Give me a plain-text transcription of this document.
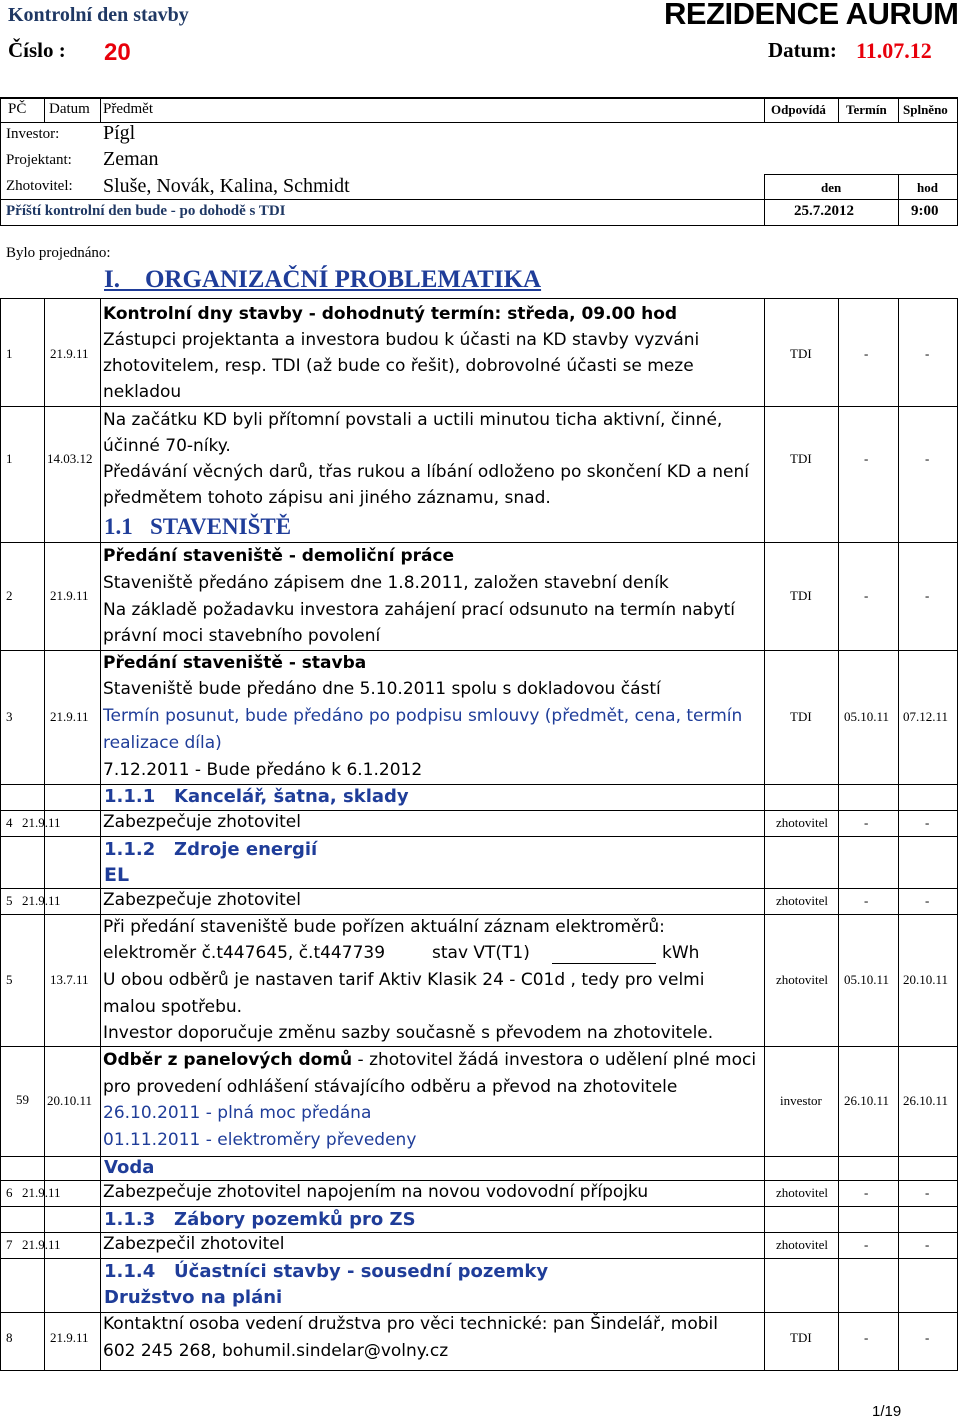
Kontrolní den stavby	REZIDENCE AURUM
Číslo : 20	Datum: 11.07.12
PČ Datum Předmět	Odpovídá Termín Splněno
Investor: Pígl
Projektant: Zeman
Zhotovitel: Sluše, Novák, Kalina, Schmidt	den	hod
Příští kontrolní den bude - po dohodě s TDI	25.7.2012	9:00
Bylo projednáno:
I.    ORGANIZAČNÍ PROBLEMATIKA
1	21.9.11
Kontrolní dny stavby - dohodnutý termín: středa, 09.00 hod
Zástupci projektanta a investora budou k účasti na KD stavby vyzváni
zhotovitelem, resp. TDI (až bude co řešit), dobrovolné účasti se meze
nekladou
TDI	-	-
1	14.03.12
Na začátku KD byli přítomní povstali a uctili minutou ticha aktivní, činné,
účinné 70-níky.
Předávání věcných darů, třas rukou a líbání odloženo po skončení KD a není
předmětem tohoto zápisu ani jiného záznamu, snad.
TDI	-	-
1.1   STAVENIŠTĚ
2	21.9.11
Předání staveniště - demoliční práce
Staveniště předáno zápisem dne 1.8.2011, založen stavební deník
Na základě požadavku investora zahájení prací odsunuto na termín nabytí
právní moci stavebního povolení
TDI	-	-
3	21.9.11
Předání staveniště - stavba
Staveniště bude předáno dne 5.10.2011 spolu s dokladovou částí
Termín posunut, bude předáno po podpisu smlouvy (předmět, cena, termín
realizace díla)
7.12.2011 - Bude předáno k 6.1.2012
TDI 05.10.11 07.12.11
1.1.1   Kancelář, šatna, sklady
4 21.9.11 Zabezpečuje zhotovitel	zhotovitel	-	-
1.1.2   Zdroje energií
EL
5 21.9.11 Zabezpečuje zhotovitel	zhotovitel	-	-
5	13.7.11
Při předání staveniště bude pořízen aktuální záznam elektroměrů:
elektroměr č.t447645, č.t447739	stav VT(T1)	kWh
U obou odběrů je nastaven tarif Aktiv Klasik 24 - C01d , tedy pro velmi
malou spotřebu.
Investor doporučuje změnu sazby současně s převodem na zhotovitele.
zhotovitel 05.10.11 20.10.11
59 20.10.11
Odběr z panelových domů - zhotovitel žádá investora o udělení plné moci
pro provedení odhlášení stávajícího odběru a převod na zhotovitele
26.10.2011 - plná moc předána
01.11.2011 - elektroměry převedeny
investor 26.10.11 26.10.11
Voda
6 21.9.11 Zabezpečuje zhotovitel napojením na novou vodovodní přípojku	zhotovitel	-	-
1.1.3   Zábory pozemků pro ZS
7 21.9.11 Zabezpečil zhotovitel	zhotovitel	-	-
1.1.4   Účastníci stavby - sousední pozemky
Družstvo na pláni
8	21.9.11
Kontaktní osoba vedení družstva pro věci technické: pan Šindelář, mobil
602 245 268, bohumil.sindelar@volny.cz
TDI	-	-
1/19
